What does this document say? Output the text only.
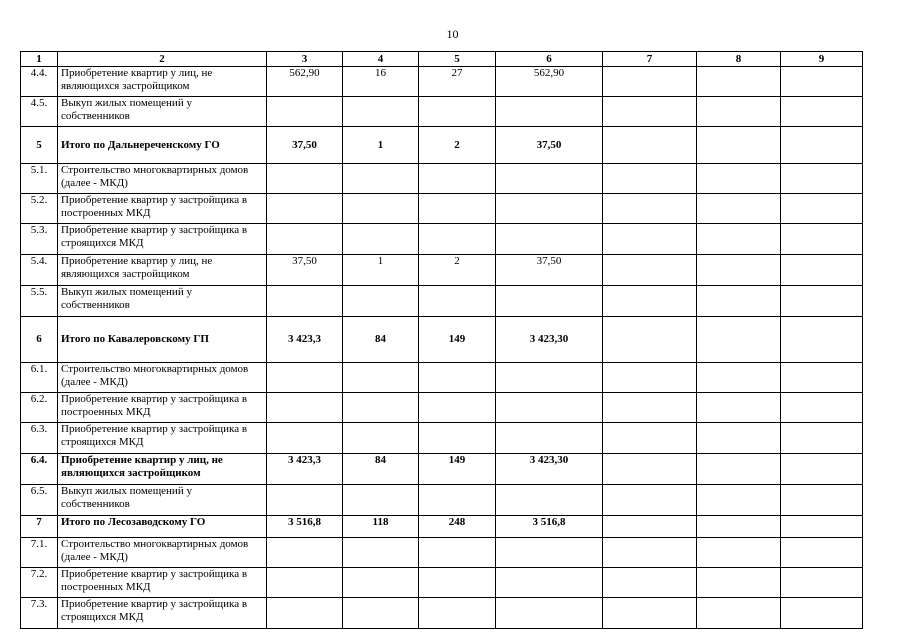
10
1	2	3	4	5	6	7	8	9
4.4.	Приобретение квартир у лиц, не являющихся застройщиком	562,90	16	27	562,90			
4.5.	Выкуп жилых помещений у собственников							
5	Итого по Дальнереченскому ГО	37,50	1	2	37,50			
5.1.	Строительство многоквартирных домов (далее - МКД)							
5.2.	Приобретение квартир у застройщика в построенных МКД							
5.3.	Приобретение квартир у застройщика в строящихся МКД							
5.4.	Приобретение квартир у лиц, не являющихся застройщиком	37,50	1	2	37,50			
5.5.	Выкуп жилых помещений у собственников							
6	Итого по Кавалеровскому ГП	3 423,3	84	149	3 423,30			
6.1.	Строительство многоквартирных домов (далее - МКД)							
6.2.	Приобретение квартир у застройщика в построенных МКД							
6.3.	Приобретение квартир у застройщика в строящихся МКД							
6.4.	Приобретение квартир у лиц, не являющихся застройщиком	3 423,3	84	149	3 423,30			
6.5.	Выкуп жилых помещений у собственников							
7	Итого по Лесозаводскому ГО	3 516,8	118	248	3 516,8			
7.1.	Строительство многоквартирных домов (далее - МКД)							
7.2.	Приобретение квартир у застройщика в построенных МКД							
7.3.	Приобретение квартир у застройщика в строящихся МКД							
